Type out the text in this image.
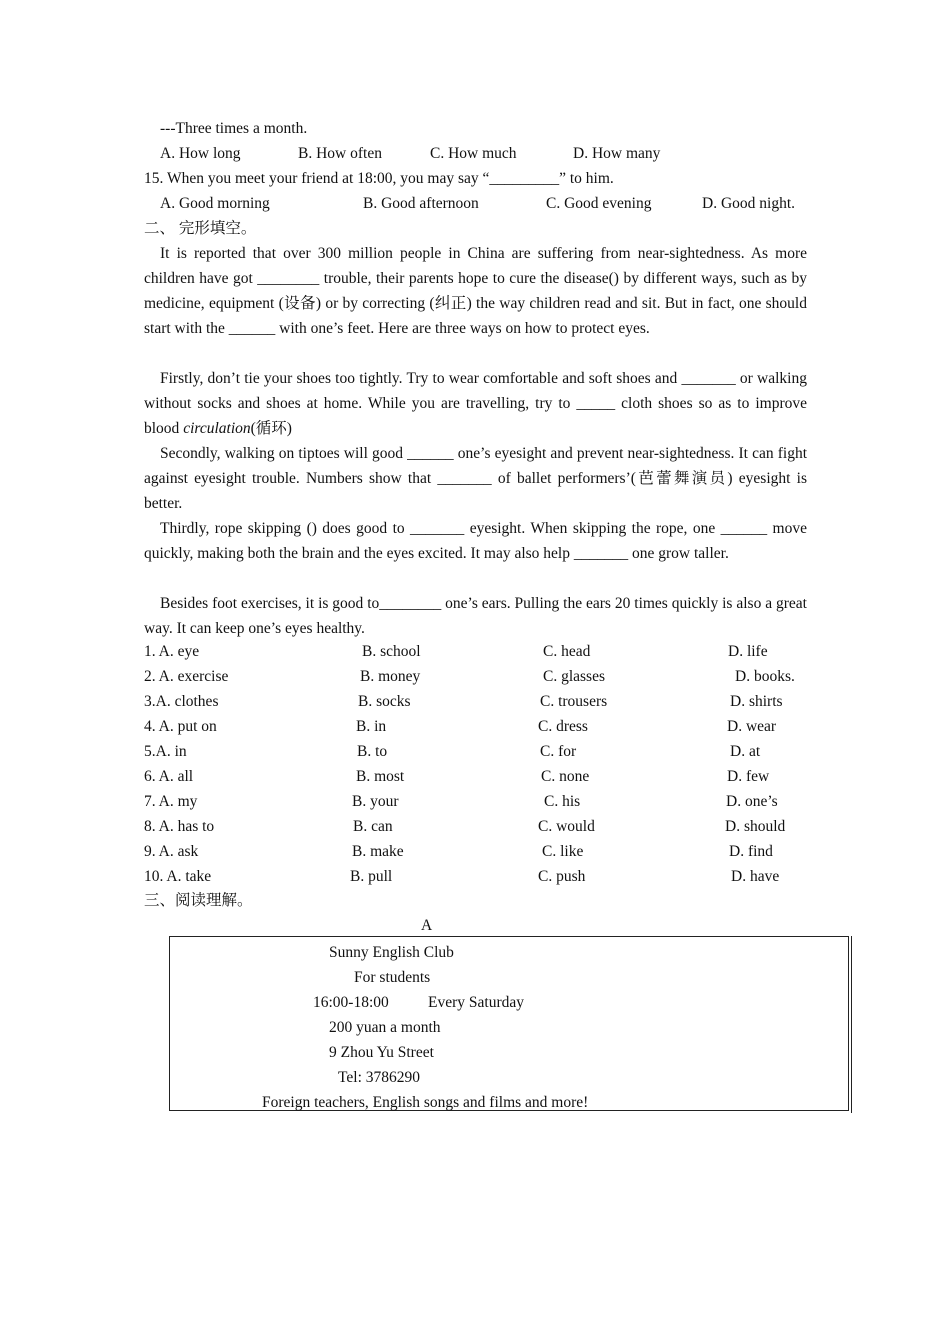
---Three times a month.
A. How long	B. How often	C. How much	D. How many
15. When you meet your friend at 18:00, you may say “_________” to him.
A. Good morning	B. Good afternoon	C. Good evening	D. Good night.
二、 完形填空。
It is reported that over 300 million people in China are suffering from near-sightedness. As more children have got ________ trouble, their parents hope to cure the disease() by different ways, such as by medicine, equipment (设备) or by correcting (纠正) the way children read and sit. But in fact, one should start with the ______ with one’s feet. Here are three ways on how to protect eyes.
Firstly, don’t tie your shoes too tightly. Try to wear comfortable and soft shoes and _______ or walking without socks and shoes at home. While you are travelling, try to _____ cloth shoes so as to improve blood circulation(循环)
Secondly, walking on tiptoes will good ______ one’s eyesight and prevent near-sightedness. It can fight against eyesight trouble. Numbers show that _______ of ballet performers’(芭蕾舞演员) eyesight is better.
Thirdly, rope skipping () does good to _______ eyesight. When skipping the rope, one ______ move quickly, making both the brain and the eyes excited. It may also help _______ one grow taller.
Besides foot exercises, it is good to________ one’s ears. Pulling the ears 20 times quickly is also a great way. It can keep one’s eyes healthy.
1. A. eye	B. school	C. head	D. life
2. A. exercise	B. money	C. glasses	D. books.
3.A. clothes	B. socks	C. trousers	D. shirts
4. A. put on	B. in	C. dress	D. wear
5.A. in	B. to	C. for	D. at
6. A. all	B. most	C. none	D. few
7. A. my	B. your	C. his	D. one’s
8. A. has to	B. can	C. would	D. should
9. A. ask	B. make	C. like	D. find
10. A. take	B. pull	C. push	D. have
三、阅读理解。
A
Sunny English Club
For students
16:00-18:00	Every Saturday
200 yuan a month
9 Zhou Yu Street
Tel: 3786290
Foreign teachers, English songs and films and more!
